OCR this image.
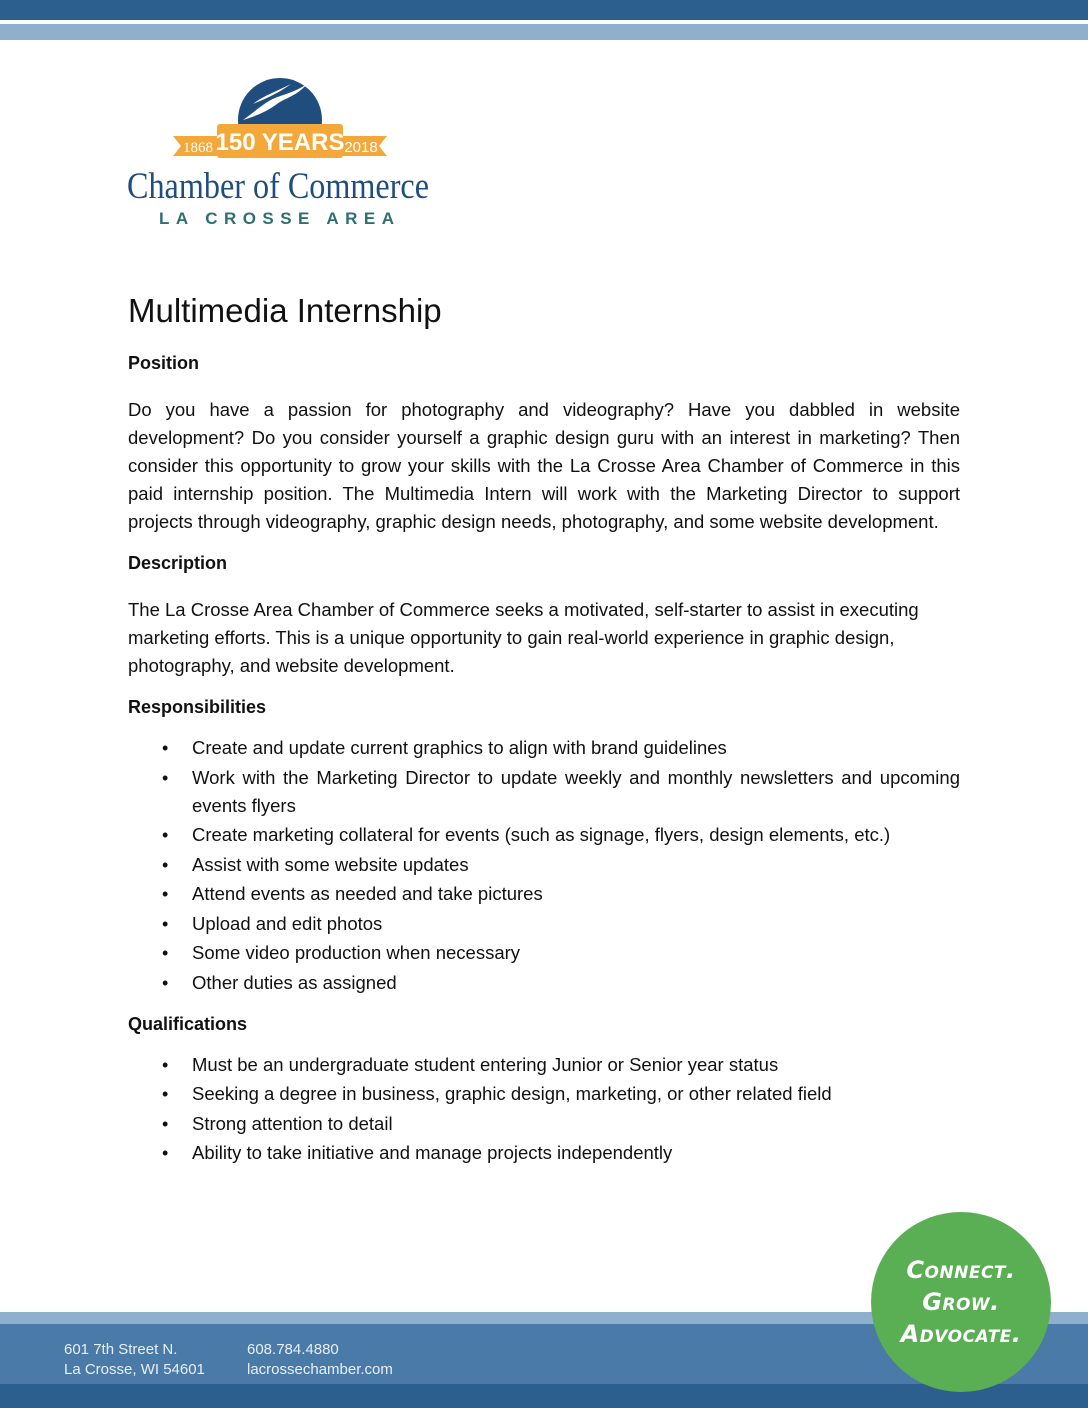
1868 150 YEARS 2018
Chamber of Commerce
LA CROSSE AREA
Multimedia Internship
Position

Do you have a passion for photography and videography? Have you dabbled in website development? Do you consider yourself a graphic design guru with an interest in marketing? Then consider this opportunity to grow your skills with the La Crosse Area Chamber of Commerce in this paid internship position. The Multimedia Intern will work with the Marketing Director to support projects through videography, graphic design needs, photography, and some website development.

Description

The La Crosse Area Chamber of Commerce seeks a motivated, self-starter to assist in executing marketing efforts. This is a unique opportunity to gain real-world experience in graphic design, photography, and website development.

Responsibilities
• Create and update current graphics to align with brand guidelines
• Work with the Marketing Director to update weekly and monthly newsletters and upcoming events flyers
• Create marketing collateral for events (such as signage, flyers, design elements, etc.)
• Assist with some website updates
• Attend events as needed and take pictures
• Upload and edit photos
• Some video production when necessary
• Other duties as assigned
Qualifications
• Must be an undergraduate student entering Junior or Senior year status
• Seeking a degree in business, graphic design, marketing, or other related field
• Strong attention to detail
• Ability to take initiative and manage projects independently
601 7th Street N.
La Crosse, WI 54601
608.784.4880
lacrossechamber.com
Connect.
Grow.
Advocate.
